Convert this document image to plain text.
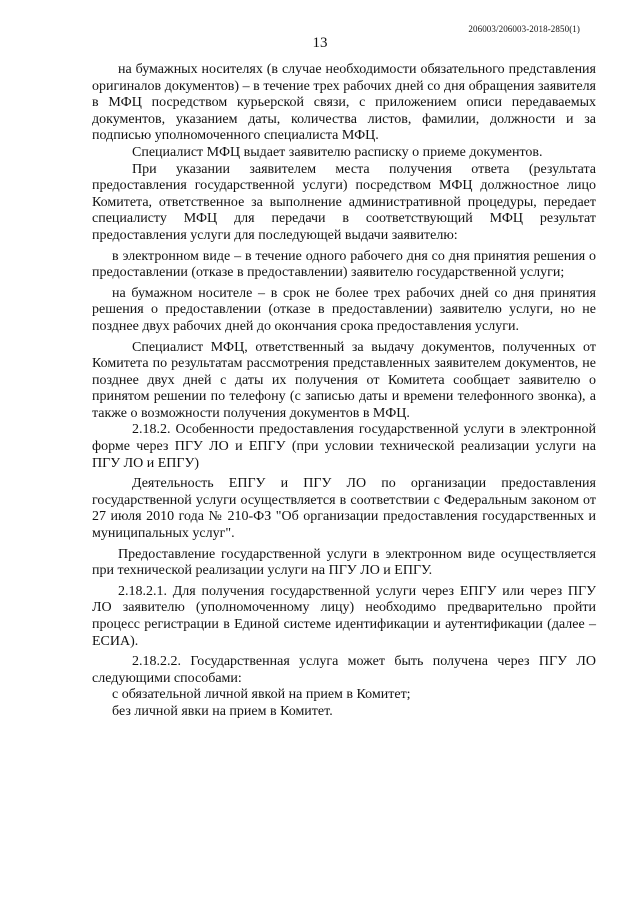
206003/206003-2018-2850(1)
13

на бумажных носителях (в случае необходимости обязательного представления оригиналов документов) – в течение трех рабочих дней со дня обращения заявителя в МФЦ посредством курьерской связи, с приложением описи передаваемых документов, указанием даты, количества листов, фамилии, должности и за подписью уполномоченного специалиста МФЦ.

Специалист МФЦ выдает заявителю расписку о приеме документов.

При указании заявителем места получения ответа (результата предоставления государственной услуги) посредством МФЦ должностное лицо Комитета, ответственное за выполнение административной процедуры, передает специалисту МФЦ для передачи в соответствующий МФЦ результат предоставления услуги для последующей выдачи заявителю:

в электронном виде – в течение одного рабочего дня со дня принятия решения о предоставлении (отказе в предоставлении) заявителю государственной услуги;

на бумажном носителе – в срок не более трех рабочих дней со дня принятия решения о предоставлении (отказе в предоставлении) заявителю услуги, но не позднее двух рабочих дней до окончания срока предоставления услуги.

Специалист МФЦ, ответственный за выдачу документов, полученных от Комитета по результатам рассмотрения представленных заявителем документов, не позднее двух дней с даты их получения от Комитета сообщает заявителю о принятом решении по телефону (с записью даты и времени телефонного звонка), а также о возможности получения документов в МФЦ.

2.18.2. Особенности предоставления государственной услуги в электронной форме через ПГУ ЛО и ЕПГУ (при условии технической реализации услуги на ПГУ ЛО и ЕПГУ)

Деятельность ЕПГУ и ПГУ ЛО по организации предоставления государственной услуги осуществляется в соответствии с Федеральным законом от 27 июля 2010 года № 210-ФЗ "Об организации предоставления государственных и муниципальных услуг".

Предоставление государственной услуги в электронном виде осуществляется при технической реализации услуги на ПГУ ЛО и ЕПГУ.

2.18.2.1. Для получения государственной услуги через ЕПГУ или через ПГУ ЛО заявителю (уполномоченному лицу) необходимо предварительно пройти процесс регистрации в Единой системе идентификации и аутентификации (далее – ЕСИА).

2.18.2.2. Государственная услуга может быть получена через ПГУ ЛО следующими способами:

с обязательной личной явкой на прием в Комитет;

без личной явки на прием в Комитет.
